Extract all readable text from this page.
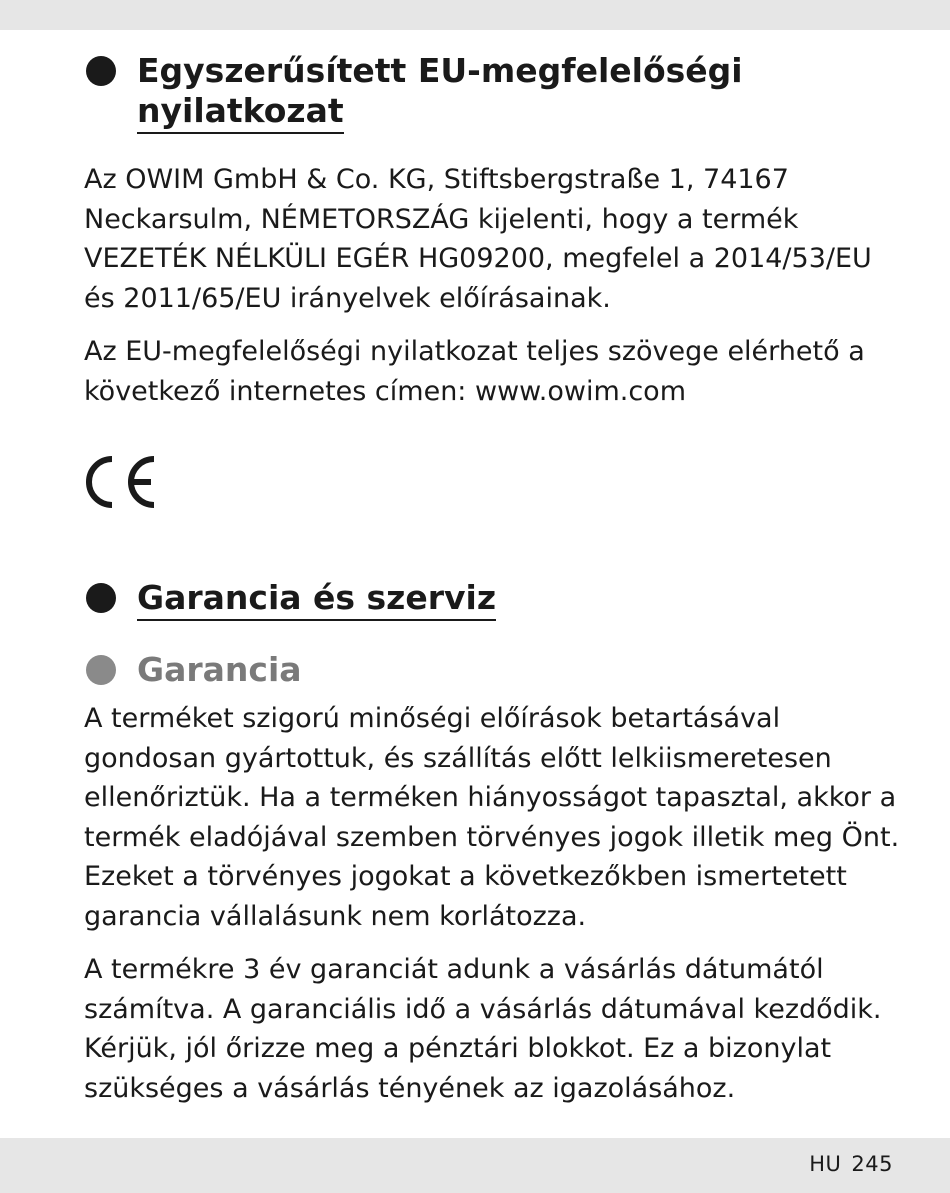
Egyszerűsített EU-megfelelőségi
nyilatkozat

Az OWIM GmbH & Co. KG, Stiftsbergstraße 1, 74167 Neckarsulm, NÉMETORSZÁG kijelenti, hogy a termék VEZETÉK NÉLKÜLI EGÉR HG09200, megfelel a 2014/53/EU és 2011/65/EU irányelvek előírásainak.

Az EU-megfelelőségi nyilatkozat teljes szövege elérhető a következő internetes címen: www.owim.com

Garancia és szerviz
Garancia

A terméket szigorú minőségi előírások betartásával gondosan gyártottuk, és szállítás előtt lelkiismeretesen ellenőriztük. Ha a terméken hiányosságot tapasztal, akkor a termék eladójával szemben törvényes jogok illetik meg Önt. Ezeket a törvényes jogokat a következőkben ismertetett garancia vállalásunk nem korlátozza.

A termékre 3 év garanciát adunk a vásárlás dátumától számítva. A garanciális idő a vásárlás dátumával kezdődik. Kérjük, jól őrizze meg a pénztári blokkot. Ez a bizonylat szükséges a vásárlás tényének az igazolásához.

HU 245
